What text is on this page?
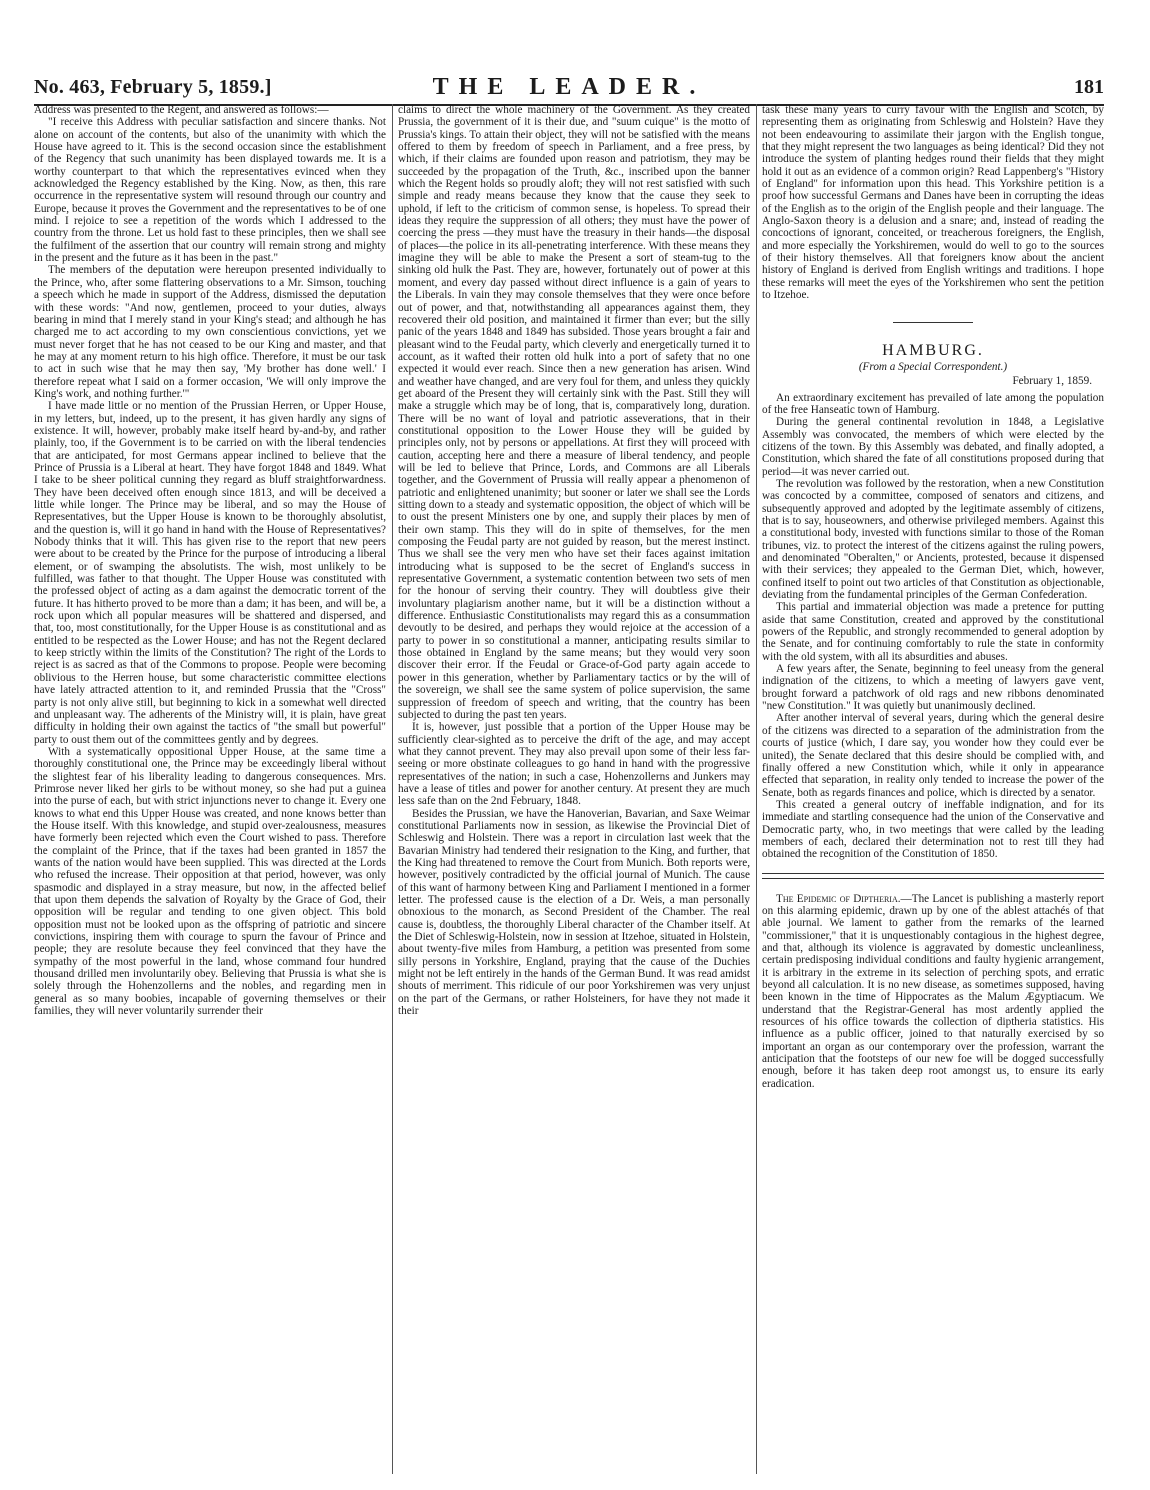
No. 463, February 5, 1859.]	THE LEADER.	181

Address was presented to the Regent, and answered as follows:—

"I receive this Address with peculiar satisfaction and sincere thanks. Not alone on account of the contents, but also of the unanimity with which the House have agreed to it. This is the second occasion since the establishment of the Regency that such unanimity has been displayed towards me. It is a worthy counterpart to that which the representatives evinced when they acknowledged the Regency established by the King. Now, as then, this rare occurrence in the representative system will resound through our country and Europe, because it proves the Government and the representatives to be of one mind. I rejoice to see a repetition of the words which I addressed to the country from the throne. Let us hold fast to these principles, then we shall see the fulfilment of the assertion that our country will remain strong and mighty in the present and the future as it has been in the past."

The members of the deputation were hereupon presented individually to the Prince, who, after some flattering observations to a Mr. Simson, touching a speech which he made in support of the Address, dismissed the deputation with these words: "And now, gentlemen, proceed to your duties, always bearing in mind that I merely stand in your King's stead; and although he has charged me to act according to my own conscientious convictions, yet we must never forget that he has not ceased to be our King and master, and that he may at any moment return to his high office. Therefore, it must be our task to act in such wise that he may then say, 'My brother has done well.' I therefore repeat what I said on a former occasion, 'We will only improve the King's work, and nothing further.'"

I have made little or no mention of the Prussian Herren, or Upper House, in my letters, but, indeed, up to the present, it has given hardly any signs of existence. It will, however, probably make itself heard by-and-by, and rather plainly, too, if the Government is to be carried on with the liberal tendencies that are anticipated, for most Germans appear inclined to believe that the Prince of Prussia is a Liberal at heart. They have forgot 1848 and 1849. What I take to be sheer political cunning they regard as bluff straightforwardness. They have been deceived often enough since 1813, and will be deceived a little while longer. The Prince may be liberal, and so may the House of Representatives, but the Upper House is known to be thoroughly absolutist, and the question is, will it go hand in hand with the House of Representatives? Nobody thinks that it will. This has given rise to the report that new peers were about to be created by the Prince for the purpose of introducing a liberal element, or of swamping the absolutists. The wish, most unlikely to be fulfilled, was father to that thought. The Upper House was constituted with the professed object of acting as a dam against the democratic torrent of the future. It has hitherto proved to be more than a dam; it has been, and will be, a rock upon which all popular measures will be shattered and dispersed, and that, too, most constitutionally, for the Upper House is as constitutional and as entitled to be respected as the Lower House; and has not the Regent declared to keep strictly within the limits of the Constitution? The right of the Lords to reject is as sacred as that of the Commons to propose. People were becoming oblivious to the Herren house, but some characteristic committee elections have lately attracted attention to it, and reminded Prussia that the "Cross" party is not only alive still, but beginning to kick in a somewhat well directed and unpleasant way. The adherents of the Ministry will, it is plain, have great difficulty in holding their own against the tactics of "the small but powerful" party to oust them out of the committees gently and by degrees.

With a systematically oppositional Upper House, at the same time a thoroughly constitutional one, the Prince may be exceedingly liberal without the slightest fear of his liberality leading to dangerous consequences. Mrs. Primrose never liked her girls to be without money, so she had put a guinea into the purse of each, but with strict injunctions never to change it. Every one knows to what end this Upper House was created, and none knows better than the House itself. With this knowledge, and stupid over-zealousness, measures have formerly been rejected which even the Court wished to pass. Therefore the complaint of the Prince, that if the taxes had been granted in 1857 the wants of the nation would have been supplied. This was directed at the Lords who refused the increase. Their opposition at that period, however, was only spasmodic and displayed in a stray measure, but now, in the affected belief that upon them depends the salvation of Royalty by the Grace of God, their opposition will be regular and tending to one given object. This bold opposition must not be looked upon as the offspring of patriotic and sincere convictions, inspiring them with courage to spurn the favour of Prince and people; they are resolute because they feel convinced that they have the sympathy of the most powerful in the land, whose command four hundred thousand drilled men involuntarily obey. Believing that Prussia is what she is solely through the Hohenzollerns and the nobles, and regarding men in general as so many boobies, incapable of governing themselves or their families, they will never voluntarily surrender their

claims to direct the whole machinery of the Government. As they created Prussia, the government of it is their due, and "suum cuique" is the motto of Prussia's kings. To attain their object, they will not be satisfied with the means offered to them by freedom of speech in Parliament, and a free press, by which, if their claims are founded upon reason and patriotism, they may be succeeded by the propagation of the Truth, &c., inscribed upon the banner which the Regent holds so proudly aloft; they will not rest satisfied with such simple and ready means because they know that the cause they seek to uphold, if left to the criticism of common sense, is hopeless. To spread their ideas they require the suppression of all others; they must have the power of coercing the press —they must have the treasury in their hands—the disposal of places—the police in its all-penetrating interference. With these means they imagine they will be able to make the Present a sort of steam-tug to the sinking old hulk the Past. They are, however, fortunately out of power at this moment, and every day passed without direct influence is a gain of years to the Liberals. In vain they may console themselves that they were once before out of power, and that, notwithstanding all appearances against them, they recovered their old position, and maintained it firmer than ever; but the silly panic of the years 1848 and 1849 has subsided. Those years brought a fair and pleasant wind to the Feudal party, which cleverly and energetically turned it to account, as it wafted their rotten old hulk into a port of safety that no one expected it would ever reach. Since then a new generation has arisen. Wind and weather have changed, and are very foul for them, and unless they quickly get aboard of the Present they will certainly sink with the Past. Still they will make a struggle which may be of long, that is, comparatively long, duration. There will be no want of loyal and patriotic asseverations, that in their constitutional opposition to the Lower House they will be guided by principles only, not by persons or appellations. At first they will proceed with caution, accepting here and there a measure of liberal tendency, and people will be led to believe that Prince, Lords, and Commons are all Liberals together, and the Government of Prussia will really appear a phenomenon of patriotic and enlightened unanimity; but sooner or later we shall see the Lords sitting down to a steady and systematic opposition, the object of which will be to oust the present Ministers one by one, and supply their places by men of their own stamp. This they will do in spite of themselves, for the men composing the Feudal party are not guided by reason, but the merest instinct. Thus we shall see the very men who have set their faces against imitation introducing what is supposed to be the secret of England's success in representative Government, a systematic contention between two sets of men for the honour of serving their country. They will doubtless give their involuntary plagiarism another name, but it will be a distinction without a difference. Enthusiastic Constitutionalists may regard this as a consummation devoutly to be desired, and perhaps they would rejoice at the accession of a party to power in so constitutional a manner, anticipating results similar to those obtained in England by the same means; but they would very soon discover their error. If the Feudal or Grace-of-God party again accede to power in this generation, whether by Parliamentary tactics or by the will of the sovereign, we shall see the same system of police supervision, the same suppression of freedom of speech and writing, that the country has been subjected to during the past ten years.

It is, however, just possible that a portion of the Upper House may be sufficiently clear-sighted as to perceive the drift of the age, and may accept what they cannot prevent. They may also prevail upon some of their less far-seeing or more obstinate colleagues to go hand in hand with the progressive representatives of the nation; in such a case, Hohenzollerns and Junkers may have a lease of titles and power for another century. At present they are much less safe than on the 2nd February, 1848.

Besides the Prussian, we have the Hanoverian, Bavarian, and Saxe Weimar constitutional Parliaments now in session, as likewise the Provincial Diet of Schleswig and Holstein. There was a report in circulation last week that the Bavarian Ministry had tendered their resignation to the King, and further, that the King had threatened to remove the Court from Munich. Both reports were, however, positively contradicted by the official journal of Munich. The cause of this want of harmony between King and Parliament I mentioned in a former letter. The professed cause is the election of a Dr. Weis, a man personally obnoxious to the monarch, as Second President of the Chamber. The real cause is, doubtless, the thoroughly Liberal character of the Chamber itself. At the Diet of Schleswig-Holstein, now in session at Itzehoe, situated in Holstein, about twenty-five miles from Hamburg, a petition was presented from some silly persons in Yorkshire, England, praying that the cause of the Duchies might not be left entirely in the hands of the German Bund. It was read amidst shouts of merriment. This ridicule of our poor Yorkshiremen was very unjust on the part of the Germans, or rather Holsteiners, for have they not made it their

task these many years to curry favour with the English and Scotch, by representing them as originating from Schleswig and Holstein? Have they not been endeavouring to assimilate their jargon with the English tongue, that they might represent the two languages as being identical? Did they not introduce the system of planting hedges round their fields that they might hold it out as an evidence of a common origin? Read Lappenberg's "History of England" for information upon this head. This Yorkshire petition is a proof how successful Germans and Danes have been in corrupting the ideas of the English as to the origin of the English people and their language. The Anglo-Saxon theory is a delusion and a snare; and, instead of reading the concoctions of ignorant, conceited, or treacherous foreigners, the English, and more especially the Yorkshiremen, would do well to go to the sources of their history themselves. All that foreigners know about the ancient history of England is derived from English writings and traditions. I hope these remarks will meet the eyes of the Yorkshiremen who sent the petition to Itzehoe.

HAMBURG.
(From a Special Correspondent.)
February 1, 1859.

An extraordinary excitement has prevailed of late among the population of the free Hanseatic town of Hamburg.

During the general continental revolution in 1848, a Legislative Assembly was convocated, the members of which were elected by the citizens of the town. By this Assembly was debated, and finally adopted, a Constitution, which shared the fate of all constitutions proposed during that period—it was never carried out.

The revolution was followed by the restoration, when a new Constitution was concocted by a committee, composed of senators and citizens, and subsequently approved and adopted by the legitimate assembly of citizens, that is to say, houseowners, and otherwise privileged members. Against this a constitutional body, invested with functions similar to those of the Roman tribunes, viz. to protect the interest of the citizens against the ruling powers, and denominated "Oberalten," or Ancients, protested, because it dispensed with their services; they appealed to the German Diet, which, however, confined itself to point out two articles of that Constitution as objectionable, deviating from the fundamental principles of the German Confederation.

This partial and immaterial objection was made a pretence for putting aside that same Constitution, created and approved by the constitutional powers of the Republic, and strongly recommended to general adoption by the Senate, and for continuing comfortably to rule the state in conformity with the old system, with all its absurdities and abuses.

A few years after, the Senate, beginning to feel uneasy from the general indignation of the citizens, to which a meeting of lawyers gave vent, brought forward a patchwork of old rags and new ribbons denominated "new Constitution." It was quietly but unanimously declined.

After another interval of several years, during which the general desire of the citizens was directed to a separation of the administration from the courts of justice (which, I dare say, you wonder how they could ever be united), the Senate declared that this desire should be complied with, and finally offered a new Constitution which, while it only in appearance effected that separation, in reality only tended to increase the power of the Senate, both as regards finances and police, which is directed by a senator.

This created a general outcry of ineffable indignation, and for its immediate and startling consequence had the union of the Conservative and Democratic party, who, in two meetings that were called by the leading members of each, declared their determination not to rest till they had obtained the recognition of the Constitution of 1850.

The Epidemic of Diptheria.—The Lancet is publishing a masterly report on this alarming epidemic, drawn up by one of the ablest attachés of that able journal. We lament to gather from the remarks of the learned "commissioner," that it is unquestionably contagious in the highest degree, and that, although its violence is aggravated by domestic uncleanliness, certain predisposing individual conditions and faulty hygienic arrangement, it is arbitrary in the extreme in its selection of perching spots, and erratic beyond all calculation. It is no new disease, as sometimes supposed, having been known in the time of Hippocrates as the Malum Ægyptiacum. We understand that the Registrar-General has most ardently applied the resources of his office towards the collection of diptheria statistics. His influence as a public officer, joined to that naturally exercised by so important an organ as our contemporary over the profession, warrant the anticipation that the footsteps of our new foe will be dogged successfully enough, before it has taken deep root amongst us, to ensure its early eradication.
